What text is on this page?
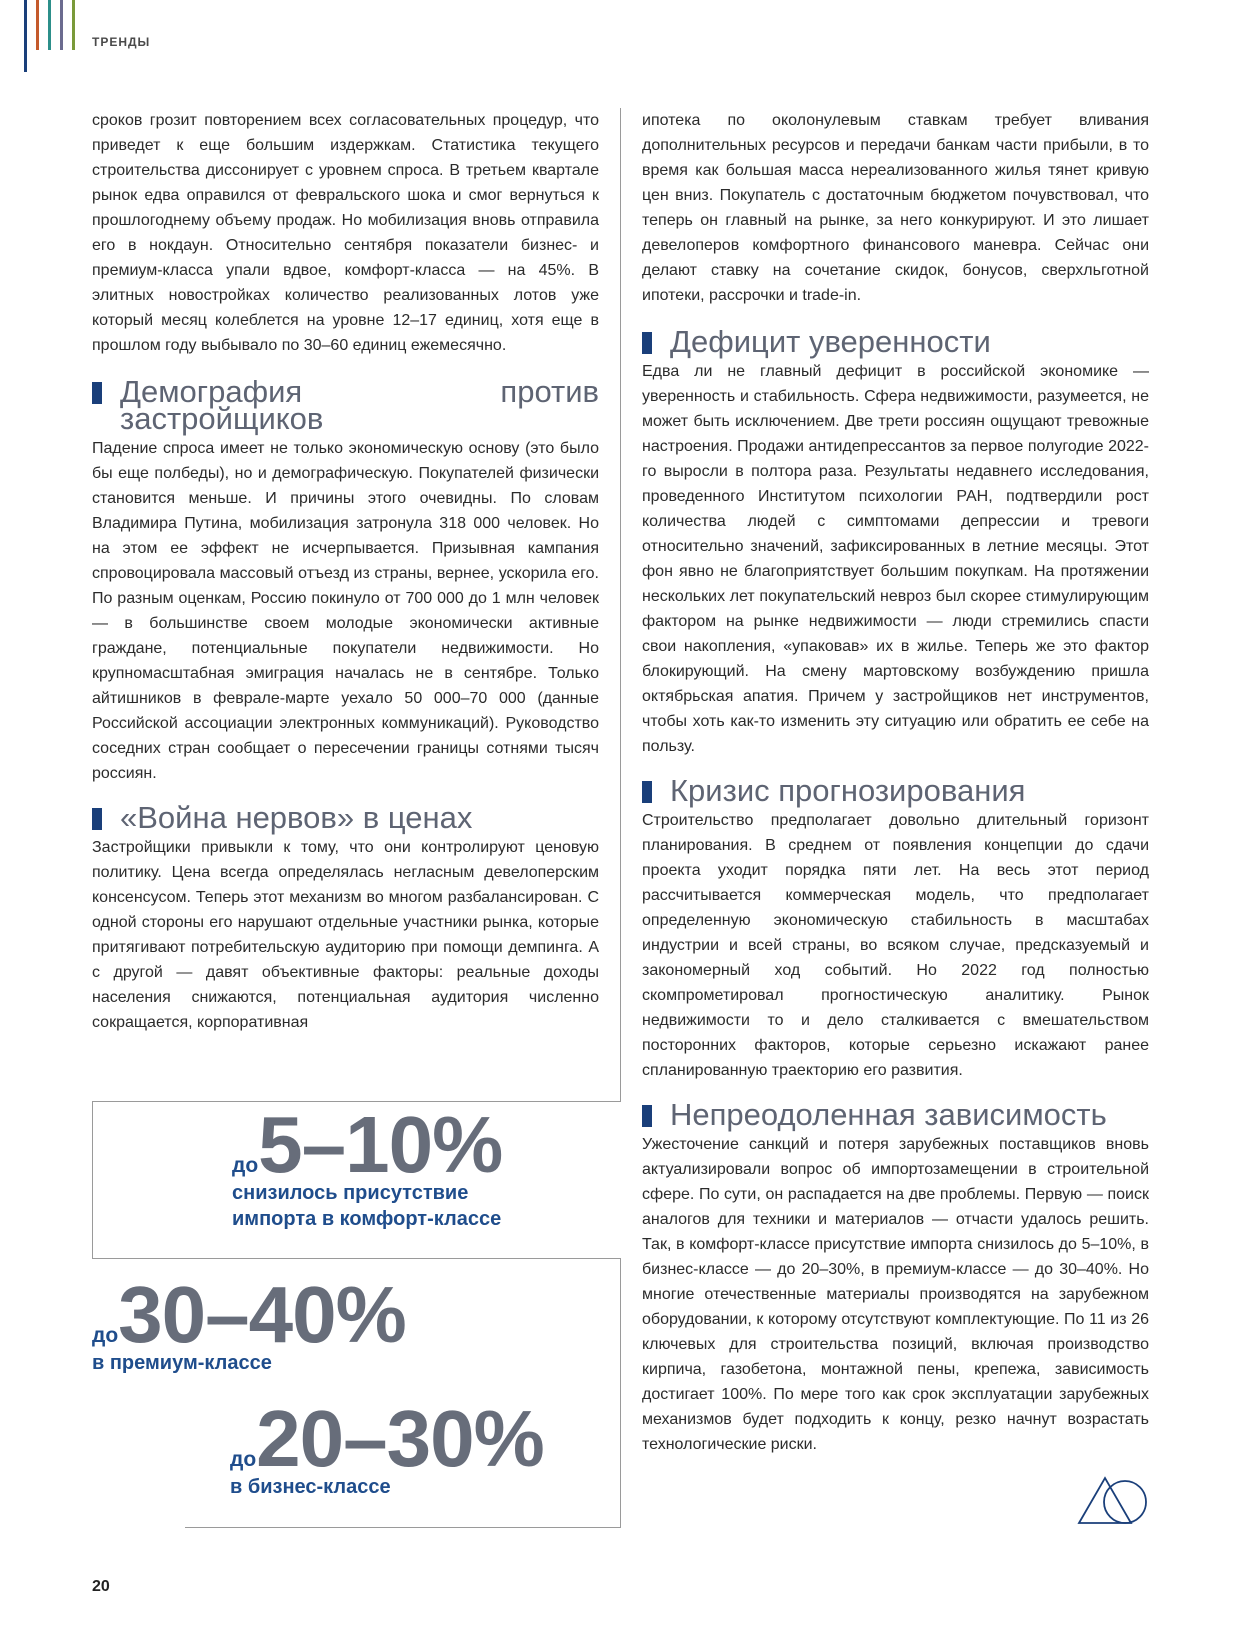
ТРЕНДЫ

сроков грозит повторением всех согласовательных процедур, что приведет к еще большим издержкам. Статистика текущего строительства диссонирует с уровнем спроса. В третьем квартале рынок едва оправился от февральского шока и смог вернуться к прошлогоднему объему продаж. Но мобилизация вновь отправила его в нокдаун. Относительно сентября показатели бизнес- и премиум-класса упали вдвое, комфорт-класса — на 45%. В элитных новостройках количество реализованных лотов уже который месяц колеблется на уровне 12–17 единиц, хотя еще в прошлом году выбывало по 30–60 единиц ежемесячно.

Демография против застройщиков

Падение спроса имеет не только экономическую основу (это было бы еще полбеды), но и демографическую. Покупателей физически становится меньше. И причины этого очевидны. По словам Владимира Путина, мобилизация затронула 318 000 человек. Но на этом ее эффект не исчерпывается. Призывная кампания спровоцировала массовый отъезд из страны, вернее, ускорила его. По разным оценкам, Россию покинуло от 700 000 до 1 млн человек — в большинстве своем молодые экономически активные граждане, потенциальные покупатели недвижимости. Но крупномасштабная эмиграция началась не в сентябре. Только айтишников в феврале-марте уехало 50 000–70 000 (данные Российской ассоциации электронных коммуникаций). Руководство соседних стран сообщает о пересечении границы сотнями тысяч россиян.

«Война нервов» в ценах

Застройщики привыкли к тому, что они контролируют ценовую политику. Цена всегда определялась негласным девелоперским консенсусом. Теперь этот механизм во многом разбалансирован. С одной стороны его нарушают отдельные участники рынка, которые притягивают потребительскую аудиторию при помощи демпинга. А с другой — давят объективные факторы: реальные доходы населения снижаются, потенциальная аудитория численно сокращается, корпоративная

ипотека по околонулевым ставкам требует вливания дополнительных ресурсов и передачи банкам части прибыли, в то время как большая масса нереализованного жилья тянет кривую цен вниз. Покупатель с достаточным бюджетом почувствовал, что теперь он главный на рынке, за него конкурируют. И это лишает девелоперов комфортного финансового маневра. Сейчас они делают ставку на сочетание скидок, бонусов, сверхльготной ипотеки, рассрочки и trade-in.

Дефицит уверенности

Едва ли не главный дефицит в российской экономике — уверенность и стабильность. Сфера недвижимости, разумеется, не может быть исключением. Две трети россиян ощущают тревожные настроения. Продажи антидепрессантов за первое полугодие 2022-го выросли в полтора раза. Результаты недавнего исследования, проведенного Институтом психологии РАН, подтвердили рост количества людей с симптомами депрессии и тревоги относительно значений, зафиксированных в летние месяцы. Этот фон явно не благоприятствует большим покупкам. На протяжении нескольких лет покупательский невроз был скорее стимулирующим фактором на рынке недвижимости — люди стремились спасти свои накопления, «упаковав» их в жилье. Теперь же это фактор блокирующий. На смену мартовскому возбуждению пришла октябрьская апатия. Причем у застройщиков нет инструментов, чтобы хоть как-то изменить эту ситуацию или обратить ее себе на пользу.

Кризис прогнозирования

Строительство предполагает довольно длительный горизонт планирования. В среднем от появления концепции до сдачи проекта уходит порядка пяти лет. На весь этот период рассчитывается коммерческая модель, что предполагает определенную экономическую стабильность в масштабах индустрии и всей страны, во всяком случае, предсказуемый и закономерный ход событий. Но 2022 год полностью скомпрометировал прогностическую аналитику. Рынок недвижимости то и дело сталкивается с вмешательством посторонних факторов, которые серьезно искажают ранее спланированную траекторию его развития.

Непреодоленная зависимость

Ужесточение санкций и потеря зарубежных поставщиков вновь актуализировали вопрос об импортозамещении в строительной сфере. По сути, он распадается на две проблемы. Первую — поиск аналогов для техники и материалов — отчасти удалось решить. Так, в комфорт-классе присутствие импорта снизилось до 5–10%, в бизнес-классе — до 20–30%, в премиум-классе — до 30–40%. Но многие отечественные материалы производятся на зарубежном оборудовании, к которому отсутствуют комплектующие. По 11 из 26 ключевых для строительства позиций, включая производство кирпича, газобетона, монтажной пены, крепежа, зависимость достигает 100%. По мере того как срок эксплуатации зарубежных механизмов будет подходить к концу, резко начнут возрастать технологические риски.

до5–10%
снизилось присутствие
импорта в комфорт-классе
до30–40%
в премиум-классе
до20–30%
в бизнес-классе
20
